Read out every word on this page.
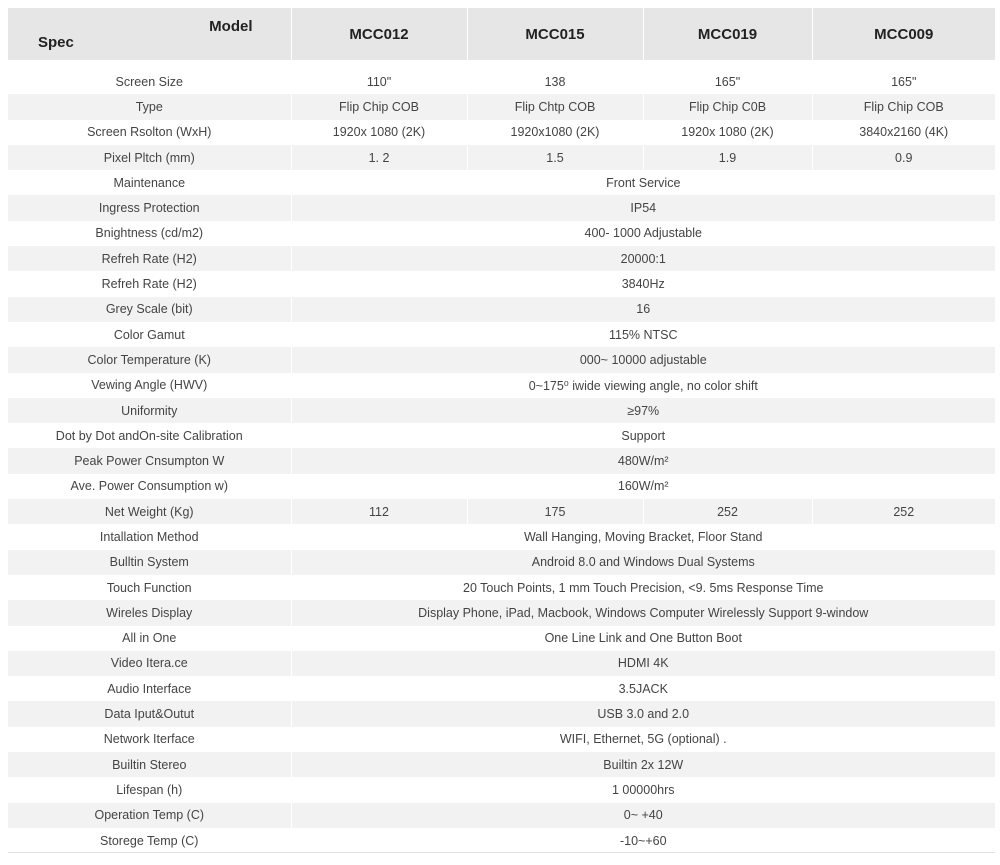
Model
Spec	MCC012	MCC015	MCC019	MCC009

Screen Size	110"	138	165"	165"
Type	Flip Chip COB	Flip Chtp COB	Flip Chip C0B	Flip Chip COB
Screen Rsolton (WxH)	1920x 1080 (2K)	1920x1080 (2K)	1920x 1080 (2K)	3840x2160 (4K)
Pixel Pltch (mm)	1. 2	1.5	1.9	0.9
Maintenance	Front Service			
Ingress Protection	IP54			
Bnightness (cd/m2)	400- 1000 Adjustable			
Refreh Rate (H2)	20000:1			
Refreh Rate (H2)	3840Hz			
Grey Scale (bit)	16			
Color Gamut	115% NTSC			
Color Temperature (K)	000~ 10000 adjustable			
Vewing Angle (HWV)	0~175⁰ iwide viewing angle, no color shift			
Uniformity	≥97%			
Dot by Dot andOn-site Calibration	Support			
Peak Power Cnsumpton W	480W/m²			
Ave. Power Consumption w)	160W/m²			
Net Weight (Kg)	112	175	252	252
Intallation Method	Wall Hanging, Moving Bracket, Floor Stand			
Bulltin System	Android 8.0 and Windows Dual Systems			
Touch Function	20 Touch Points, 1 mm Touch Precision, <9. 5ms Response Time			
Wireles Display	Display Phone, iPad, Macbook, Windows Computer Wirelessly Support 9-window			
All in One	One Line Link and One Button Boot			
Video Itera.ce	HDMI 4K			
Audio Interface	3.5JACK			
Data Iput&Outut	USB 3.0 and 2.0			
Network Iterface	WIFI, Ethernet, 5G (optional) .			
Builtin Stereo	Builtin 2x 12W			
Lifespan (h)	1 00000hrs			
Operation Temp (C)	0~ +40			
Storege Temp (C)	-10~+60			
